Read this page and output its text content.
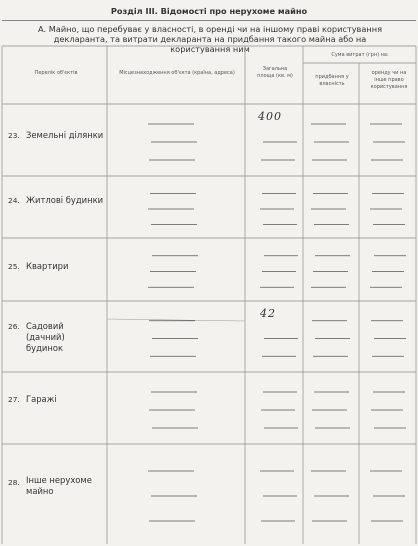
Розділ III. Відомості про нерухоме майно
А. Майно, що перебуває у власності, в оренді чи на іншому праві користування декларанта, та витрати декларанта на придбання такого майна або на користування ним
Перелік об'єктів	Місцезнаходження об'єкта (країна, адреса)
Загальна площа (кв. м)
Сума витрат (грн) на:
придбання у власність
оренду чи на інше право користування
23. Земельні ділянки
24. Житлові будинки
25. Квартири
26. Садовий (дачний) будинок
27. Гаражі
28. Інше нерухоме майно
400
42
